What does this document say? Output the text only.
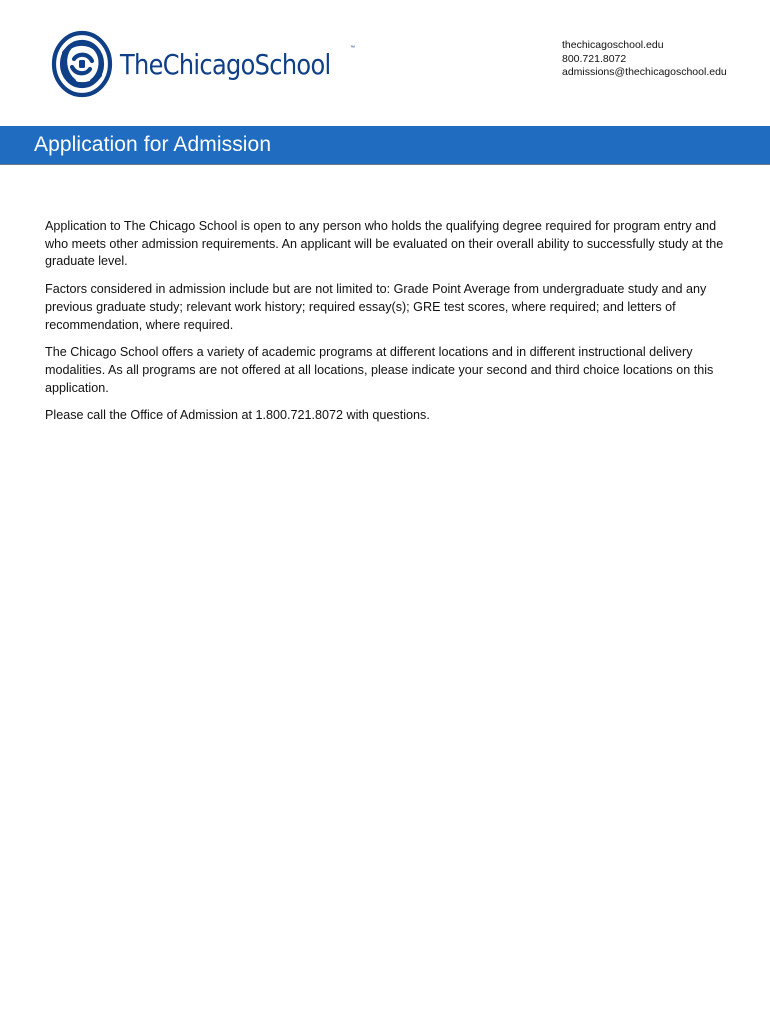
TheChicagoSchool	™	thechicagoschool.edu
800.721.8072
admissions@thechicagoschool.edu
Application for Admission

Application to The Chicago School is open to any person who holds the qualifying degree required for program entry and who meets other admission requirements. An applicant will be evaluated on their overall ability to successfully study at the graduate level.

Factors considered in admission include but are not limited to: Grade Point Average from undergraduate study and any previous graduate study; relevant work history; required essay(s); GRE test scores, where required; and letters of recommendation, where required.

The Chicago School offers a variety of academic programs at different locations and in different instructional delivery modalities. As all programs are not offered at all locations, please indicate your second and third choice locations on this application.

Please call the Office of Admission at 1.800.721.8072 with questions.
